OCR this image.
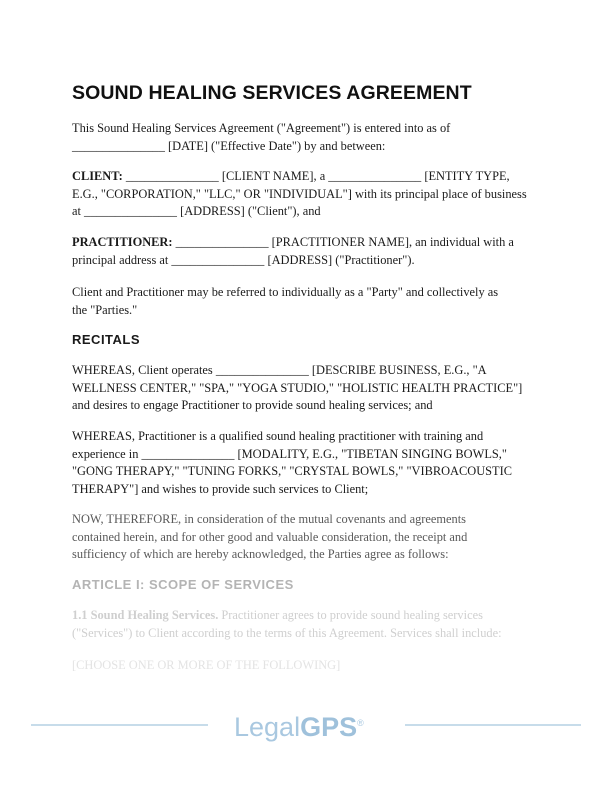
SOUND HEALING SERVICES AGREEMENT
This Sound Healing Services Agreement ("Agreement") is entered into as of
_______________ [DATE] ("Effective Date") by and between:
CLIENT: _______________ [CLIENT NAME], a _______________ [ENTITY TYPE,
E.G., "CORPORATION," "LLC," OR "INDIVIDUAL"] with its principal place of business
at _______________ [ADDRESS] ("Client"), and
PRACTITIONER: _______________ [PRACTITIONER NAME], an individual with a
principal address at _______________ [ADDRESS] ("Practitioner").
Client and Practitioner may be referred to individually as a "Party" and collectively as
the "Parties."
RECITALS
WHEREAS, Client operates _______________ [DESCRIBE BUSINESS, E.G., "A
WELLNESS CENTER," "SPA," "YOGA STUDIO," "HOLISTIC HEALTH PRACTICE"]
and desires to engage Practitioner to provide sound healing services; and
WHEREAS, Practitioner is a qualified sound healing practitioner with training and
experience in _______________ [MODALITY, E.G., "TIBETAN SINGING BOWLS,"
"GONG THERAPY," "TUNING FORKS," "CRYSTAL BOWLS," "VIBROACOUSTIC
THERAPY"] and wishes to provide such services to Client;
NOW, THEREFORE, in consideration of the mutual covenants and agreements
contained herein, and for other good and valuable consideration, the receipt and
sufficiency of which are hereby acknowledged, the Parties agree as follows:
ARTICLE I: SCOPE OF SERVICES
1.1 Sound Healing Services. Practitioner agrees to provide sound healing services
("Services") to Client according to the terms of this Agreement. Services shall include:
[CHOOSE ONE OR MORE OF THE FOLLOWING]
LegalGPS®
